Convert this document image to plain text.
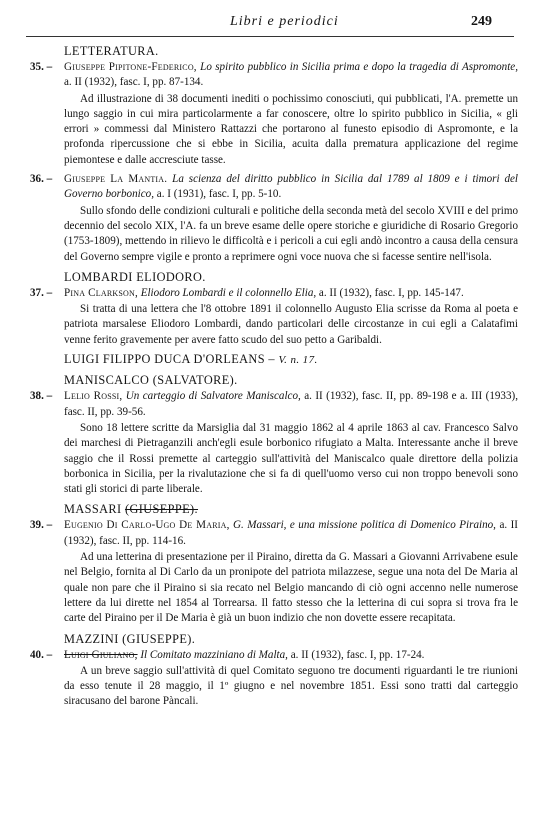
Libri e periodici	249
LETTERATURA.
35. – Giuseppe Pipitone-Federico, Lo spirito pubblico in Sicilia prima e dopo la tragedia di Aspromonte, a. II (1932), fasc. I, pp. 87-134.
Ad illustrazione di 38 documenti inediti o pochissimo conosciuti, qui pubblicati, l'A. premette un lungo saggio in cui mira particolarmente a far conoscere, oltre lo spirito pubblico in Sicilia, « gli errori » commessi dal Ministero Rattazzi che portarono al funesto episodio di Aspromonte, e la profonda ripercussione che si ebbe in Sicilia, acuita dalla prematura applicazione del regime piemontese e dalle accresciute tasse.
36. – Giuseppe La Mantia. La scienza del diritto pubblico in Sicilia dal 1789 al 1809 e i timori del Governo borbonico, a. I (1931), fasc. I, pp. 5-10.
Sullo sfondo delle condizioni culturali e politiche della seconda metà del secolo XVIII e del primo decennio del secolo XIX, l'A. fa un breve esame delle opere storiche e giuridiche di Rosario Gregorio (1753-1809), mettendo in rilievo le difficoltà e i pericoli a cui egli andò incontro a causa della censura del Governo sempre vigile e pronto a reprimere ogni voce nuova che si facesse sentire nell'isola.
LOMBARDI ELIODORO.
37. – Pina Clarkson, Eliodoro Lombardi e il colonnello Elia, a. II (1932), fasc. I, pp. 145-147.
Si tratta di una lettera che l'8 ottobre 1891 il colonnello Augusto Elia scrisse da Roma al poeta e patriota marsalese Eliodoro Lombardi, dando particolari delle circostanze in cui egli a Calatafimi venne ferito gravemente per avere fatto scudo del suo petto a Garibaldi.
LUIGI FILIPPO DUCA D'ORLEANS – V. n. 17.
MANISCALCO (SALVATORE).
38. – Lelio Rossi, Un carteggio di Salvatore Maniscalco, a. II (1932), fasc. II, pp. 89-198 e a. III (1933), fasc. II, pp. 39-56.
Sono 18 lettere scritte da Marsiglia dal 31 maggio 1862 al 4 aprile 1863 al cav. Francesco Salvo dei marchesi di Pietraganzili anch'egli esule borbonico rifugiato a Malta. Interessante anche il breve saggio che il Rossi premette al carteggio sull'attività del Maniscalco quale direttore della polizia borbonica in Sicilia, per la rivalutazione che si fa di quell'uomo verso cui non troppo benevoli sono stati gli storici di parte liberale.
MASSARI (GIUSEPPE).
39. – Eugenio Di Carlo-Ugo De Maria, G. Massari, e una missione politica di Domenico Piraino, a. II (1932), fasc. II, pp. 114-16.
Ad una letterina di presentazione per il Piraino, diretta da G. Massari a Giovanni Arrivabene esule nel Belgio, fornita al Di Carlo da un pronipote del patriota milazzese, segue una nota del De Maria al quale non pare che il Piraino si sia recato nel Belgio mancando di ciò ogni accenno nelle numerose lettere da lui dirette nel 1854 al Torrearsa. Il fatto stesso che la letterina di cui sopra si trova fra le carte del Piraino per il De Maria è già un buon indizio che non dovette essere recapitata.
MAZZINI (GIUSEPPE).
40. – Luigi Giuliano, Il Comitato mazziniano di Malta, a. II (1932), fasc. I, pp. 17-24.
A un breve saggio sull'attività di quel Comitato seguono tre documenti riguardanti le tre riunioni da esso tenute il 28 maggio, il 1º giugno e nel novembre 1851. Essi sono tratti dal carteggio siracusano del barone Pàncali.
